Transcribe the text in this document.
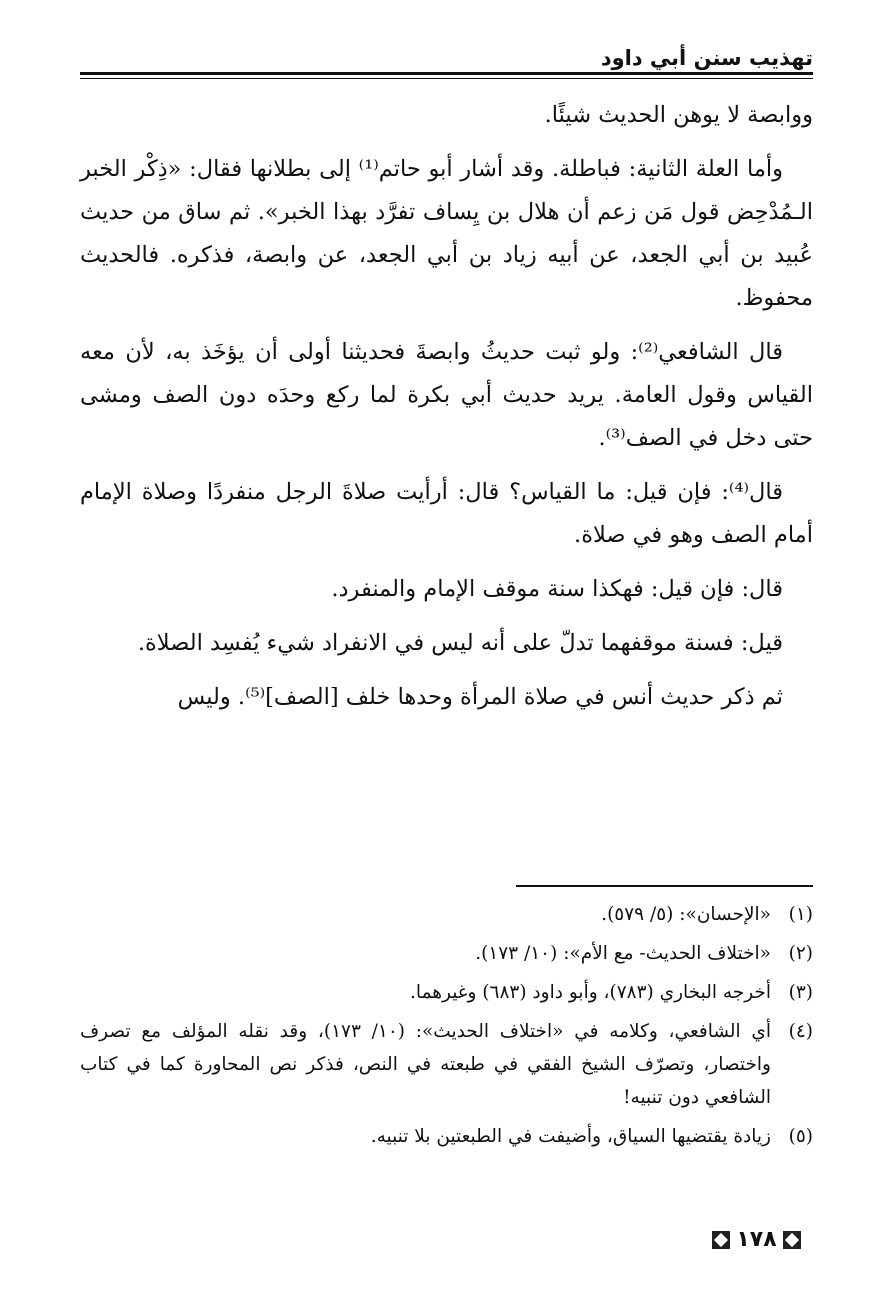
تهذيب سنن أبي داود

ووابصة لا يوهن الحديث شيئًا.

وأما العلة الثانية: فباطلة. وقد أشار أبو حاتم⁽¹⁾ إلى بطلانها فقال: «ذِكْر الخبر الـمُدْحِض قول مَن زعم أن هلال بن يِساف تفرَّد بهذا الخبر». ثم ساق من حديث عُبيد بن أبي الجعد، عن أبيه زياد بن أبي الجعد، عن وابصة، فذكره. فالحديث محفوظ.

قال الشافعي⁽²⁾: ولو ثبت حديثُ وابصةَ فحديثنا أولى أن يؤخَذ به، لأن معه القياس وقول العامة. يريد حديث أبي بكرة لما ركع وحدَه دون الصف ومشى حتى دخل في الصف⁽³⁾.

قال⁽⁴⁾: فإن قيل: ما القياس؟ قال: أرأيت صلاةَ الرجل منفردًا وصلاة الإمام أمام الصف وهو في صلاة.

قال: فإن قيل: فهكذا سنة موقف الإمام والمنفرد.

قيل: فسنة موقفهما تدلّ على أنه ليس في الانفراد شيء يُفسِد الصلاة.

ثم ذكر حديث أنس في صلاة المرأة وحدها خلف [الصف]⁽⁵⁾. وليس

(١)
«الإحسان»: (٥/ ٥٧٩).
(٢)
«اختلاف الحديث- مع الأم»: (١٠/ ١٧٣).
(٣)
أخرجه البخاري (٧٨٣)، وأبو داود (٦٨٣) وغيرهما.
(٤)
أي الشافعي، وكلامه في «اختلاف الحديث»: (١٠/ ١٧٣)، وقد نقله المؤلف مع تصرف واختصار، وتصرّف الشيخ الفقي في طبعته في النص، فذكر نص المحاورة كما في كتاب الشافعي دون تنبيه!
(٥)
زيادة يقتضيها السياق، وأضيفت في الطبعتين بلا تنبيه.
١٧٨
